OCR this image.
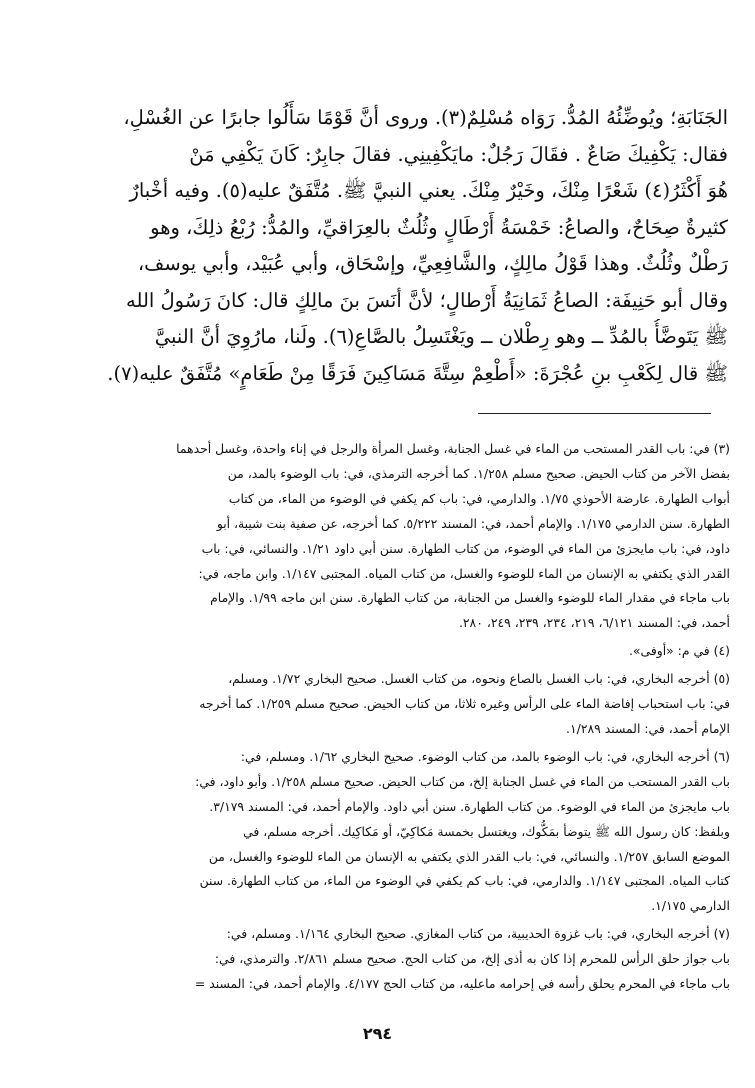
الجَنَابَةِ؛ ويُوضِّئُهُ المُدُّ. رَوَاه مُسْلِمٌ(٣). وروى أنَّ قَوْمًا سَأَلُوا جابرًا عن الغُسْلِ،
فقال: يَكْفِيكَ صَاعٌ . فقَالَ رَجُلٌ: مايَكْفِينِي. فقالَ جابِرٌ: كَانَ يَكْفِي مَنْ
هُوَ أَكْثَرُ(٤) شَعْرًا مِنْكَ، وخَيْرٌ مِنْكَ. يعني النبيَّ ﷺ. مُتَّفَقٌ عليه(٥). وفيه أخْبارٌ
كثيرةٌ صِحَاحٌ، والصاعُ: خَمْسَةُ أَرْطَالٍ وثُلُثٌ بالعِرَاقيِّ، والمُدُّ: رُبْعُ ذلِكَ، وهو
رَطْلٌ وثُلُثٌ. وهذا قَوْلُ مالِكٍ، والشَّافِعِيِّ، وإسْحَاق، وأبي عُبَيْد، وأبي يوسف،
وقال أبو حَنِيفَة: الصاعُ ثَمَانِيَةُ أَرْطالٍ؛ لأنَّ أنَسَ بنَ مالِكٍ قال: كانَ رَسُولُ الله
ﷺ يَتَوضَّأُ بالمُدِّ ــ وهو رِطْلان ــ ويَغْتَسِلُ بالصَّاعِ(٦). ولَنا، مارُوِيَ أنَّ النبيَّ
ﷺ قال لِكَعْبِ بنِ عُجْرَةَ: «أَطْعِمْ سِتَّةَ مَسَاكِينَ فَرَقًا مِنْ طَعَامٍ» مُتَّفَقٌ عليه(٧).
(٣) في: باب القدر المستحب من الماء في غسل الجنابة، وغسل المرأة والرجل في إناء واحدة، وغسل أحدهما
بفضل الآخر من كتاب الحيض. صحيح مسلم ١/٢٥٨. كما أخرجه الترمذي، في: باب الوضوء بالمد، من
أبواب الطهارة. عارضة الأحوذي ١/٧٥. والدارمي، في: باب كم يكفي في الوضوء من الماء، من كتاب
الطهارة. سنن الدارمي ١/١٧٥. والإمام أحمد، في: المسند ٥/٢٢٢. كما أخرجه، عن صفية بنت شيبة، أبو
داود، في: باب مايجزئ من الماء في الوضوء، من كتاب الطهارة. سنن أبي داود ١/٢١. والنسائي، في: باب
القدر الذي يكتفي به الإنسان من الماء للوضوء والغسل، من كتاب المياه. المجتبى ١/١٤٧. وابن ماجه، في:
باب ماجاء في مقدار الماء للوضوء والغسل من الجنابة، من كتاب الطهارة. سنن ابن ماجه ١/٩٩. والإمام
أحمد، في: المسند ٦/١٢١، ٢١٩، ٢٣٤، ٢٣٩، ٢٤٩، ٢٨٠.
(٤) في م: «أوفى».
(٥) أخرجه البخاري، في: باب الغسل بالصاع ونحوه، من كتاب الغسل. صحيح البخاري ١/٧٢. ومسلم،
في: باب استحباب إفاضة الماء على الرأس وغيره ثلاثا، من كتاب الحيض. صحيح مسلم ١/٢٥٩. كما أخرجه
الإمام أحمد، في: المسند ١/٢٨٩.
(٦) أخرجه البخاري، في: باب الوضوء بالمد، من كتاب الوضوء. صحيح البخاري ١/٦٢. ومسلم، في:
باب القدر المستحب من الماء في غسل الجنابة إلخ، من كتاب الحيض. صحيح مسلم ١/٢٥٨. وأبو داود، في:
باب مايجزئ من الماء في الوضوء. من كتاب الطهارة. سنن أبي داود. والإمام أحمد، في: المسند ٣/١٧٩.
وبلفظ: كان رسول الله ﷺ يتوضأ بمَكُّوك، ويغتسل بخمسة مَكاكِيّ، أو مَكاكِيك. أخرجه مسلم، في
الموضع السابق ١/٢٥٧. والنسائي، في: باب القدر الذي يكتفي به الإنسان من الماء للوضوء والغسل، من
كتاب المياه. المجتبى ١/١٤٧. والدارمي، في: باب كم يكفي في الوضوء من الماء، من كتاب الطهارة. سنن
الدارمي ١/١٧٥.
(٧) أخرجه البخاري، في: باب غزوة الحديبية، من كتاب المغازي. صحيح البخاري ١/١٦٤. ومسلم، في:
باب جواز حلق الرأس للمحرم إذا كان به أذى إلخ، من كتاب الحج. صحيح مسلم ٢/٨٦١. والترمذي، في:
باب ماجاء في المحرم يحلق رأسه في إحرامه ماعليه، من كتاب الحج ٤/١٧٧. والإمام أحمد، في: المسند =
٢٩٤
